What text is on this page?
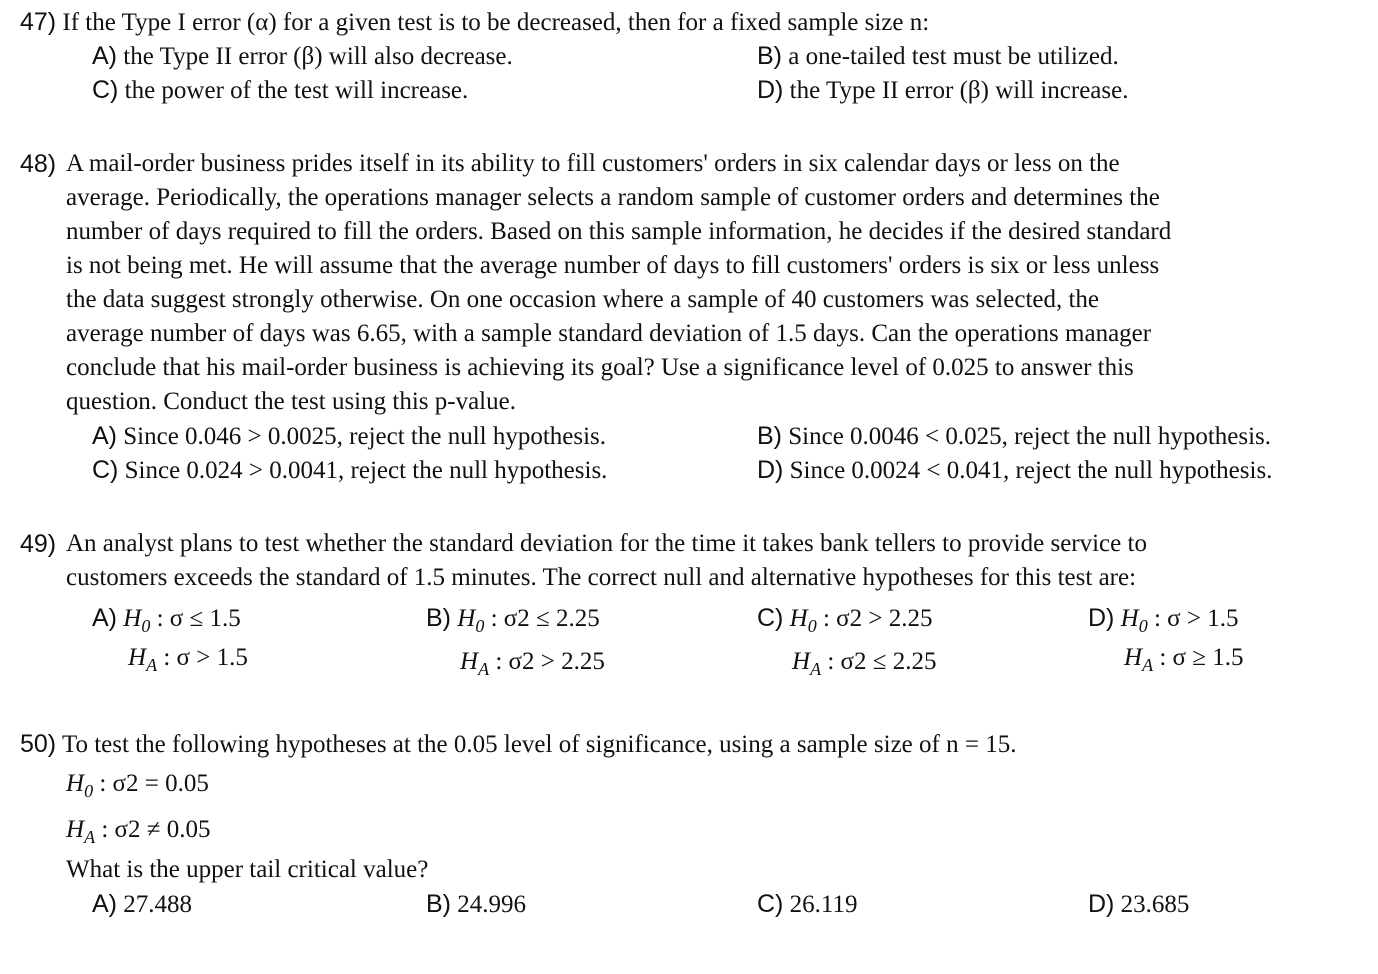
47) If the Type I error (α) for a given test is to be decreased, then for a fixed sample size n:
A) the Type II error (β) will also decrease.	B) a one-tailed test must be utilized.
C) the power of the test will increase.	D) the Type II error (β) will increase.
48) A mail-order business prides itself in its ability to fill customers' orders in six calendar days or less on the
average. Periodically, the operations manager selects a random sample of customer orders and determines the
number of days required to fill the orders. Based on this sample information, he decides if the desired standard
is not being met. He will assume that the average number of days to fill customers' orders is six or less unless
the data suggest strongly otherwise. On one occasion where a sample of 40 customers was selected, the
average number of days was 6.65, with a sample standard deviation of 1.5 days. Can the operations manager
conclude that his mail-order business is achieving its goal? Use a significance level of 0.025 to answer this
question. Conduct the test using this p-value.
A) Since 0.046 > 0.0025, reject the null hypothesis.	B) Since 0.0046 < 0.025, reject the null hypothesis.
C) Since 0.024 > 0.0041, reject the null hypothesis.	D) Since 0.0024 < 0.041, reject the null hypothesis.
49) An analyst plans to test whether the standard deviation for the time it takes bank tellers to provide service to
customers exceeds the standard of 1.5 minutes. The correct null and alternative hypotheses for this test are:
A) $H_0$ : σ ≤ 1.5
$H_A$ : σ > 1.5
B) $H_0$ : σ2 ≤ 2.25
$H_A$ : σ2 > 2.25
C) $H_0$ : σ2 > 2.25
$H_A$ : σ2 ≤ 2.25
D) $H_0$ : σ > 1.5
$H_A$ : σ ≥ 1.5
50) To test the following hypotheses at the 0.05 level of significance, using a sample size of n = 15.
$H_0$ : σ2 = 0.05
$H_A$ : σ2 ≠ 0.05
What is the upper tail critical value?
A) 27.488	B) 24.996	C) 26.119	D) 23.685
